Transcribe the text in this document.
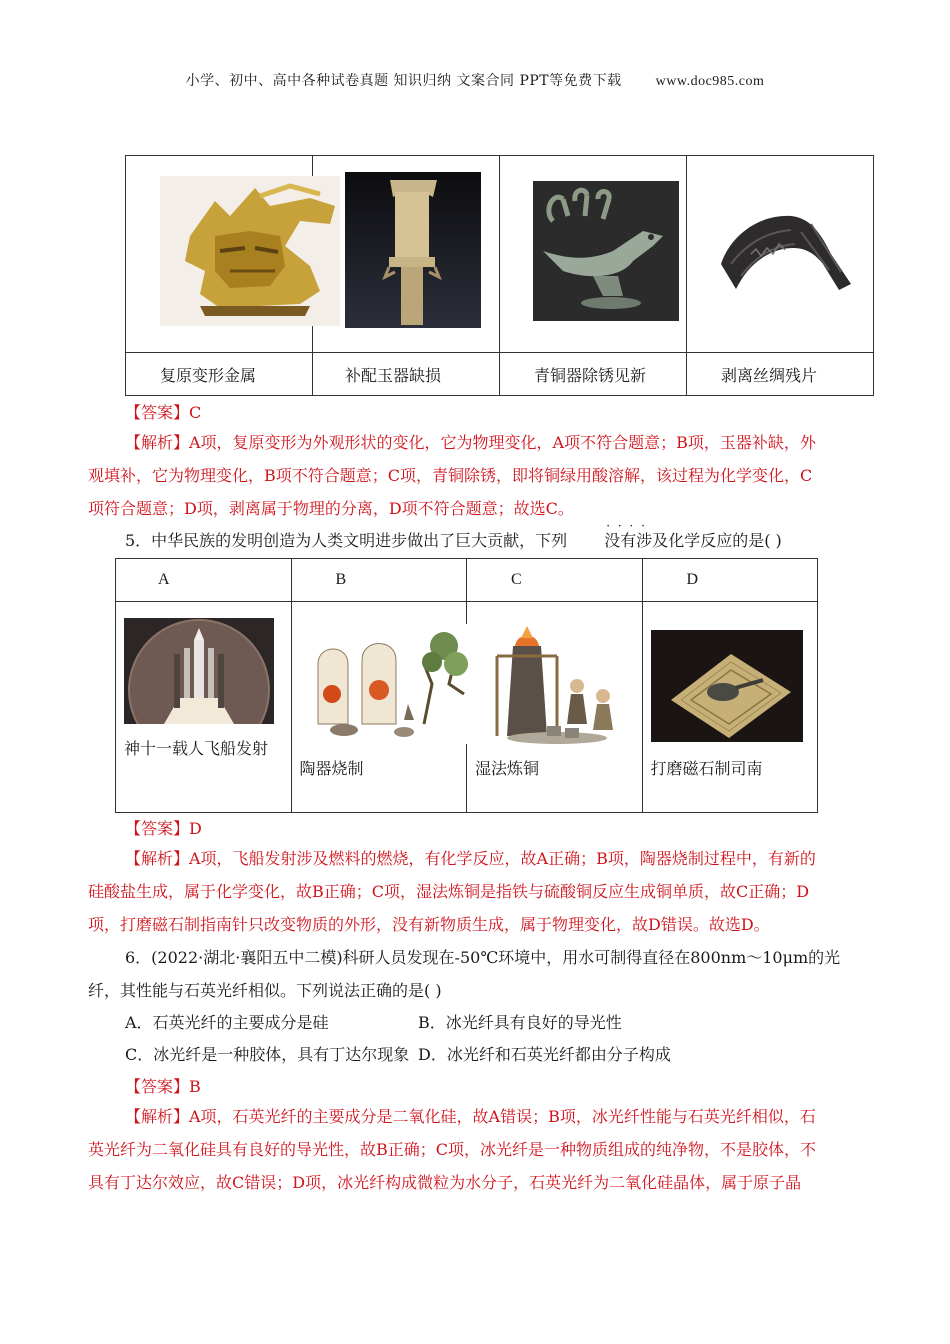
小学、初中、高中各种试卷真题 知识归纳 文案合同 PPT等免费下载 www.doc985.com

复原变形金属	补配玉器缺损	青铜器除锈见新	剥离丝绸残片
【答案】C
【解析】A项，复原变形为外观形状的变化，它为物理变化，A项不符合题意；B项，玉器补缺，外
观填补，它为物理变化，B项不符合题意；C项，青铜除锈，即将铜绿用酸溶解，该过程为化学变化，C
项符合题意；D项，剥离属于物理的分离，D项不符合题意；故选C。
5．中华民族的发明创造为人类文明进步做出了巨大贡献，下列 没有涉及 · · · ·化学反应的是( )
A	B	C	D

神十一载人飞船发射	陶器烧制	湿法炼铜	打磨磁石制司南
【答案】D
【解析】A项，飞船发射涉及燃料的燃烧，有化学反应，故A正确；B项，陶器烧制过程中，有新的
硅酸盐生成，属于化学变化，故B正确；C项，湿法炼铜是指铁与硫酸铜反应生成铜单质，故C正确；D
项，打磨磁石制指南针只改变物质的外形，没有新物质生成，属于物理变化，故D错误。故选D。
6．(2022·湖北·襄阳五中二模)科研人员发现在-50℃环境中，用水可制得直径在800nm～10μm的光
纤，其性能与石英光纤相似。下列说法正确的是( )
A．石英光纤的主要成分是硅	B．冰光纤具有良好的导光性
C．冰光纤是一种胶体，具有丁达尔现象 D．冰光纤和石英光纤都由分子构成
【答案】B
【解析】A项，石英光纤的主要成分是二氧化硅，故A错误；B项，冰光纤性能与石英光纤相似，石
英光纤为二氧化硅具有良好的导光性，故B正确；C项，冰光纤是一种物质组成的纯净物，不是胶体，不
具有丁达尔效应，故C错误；D项，冰光纤构成微粒为水分子，石英光纤为二氧化硅晶体，属于原子晶
